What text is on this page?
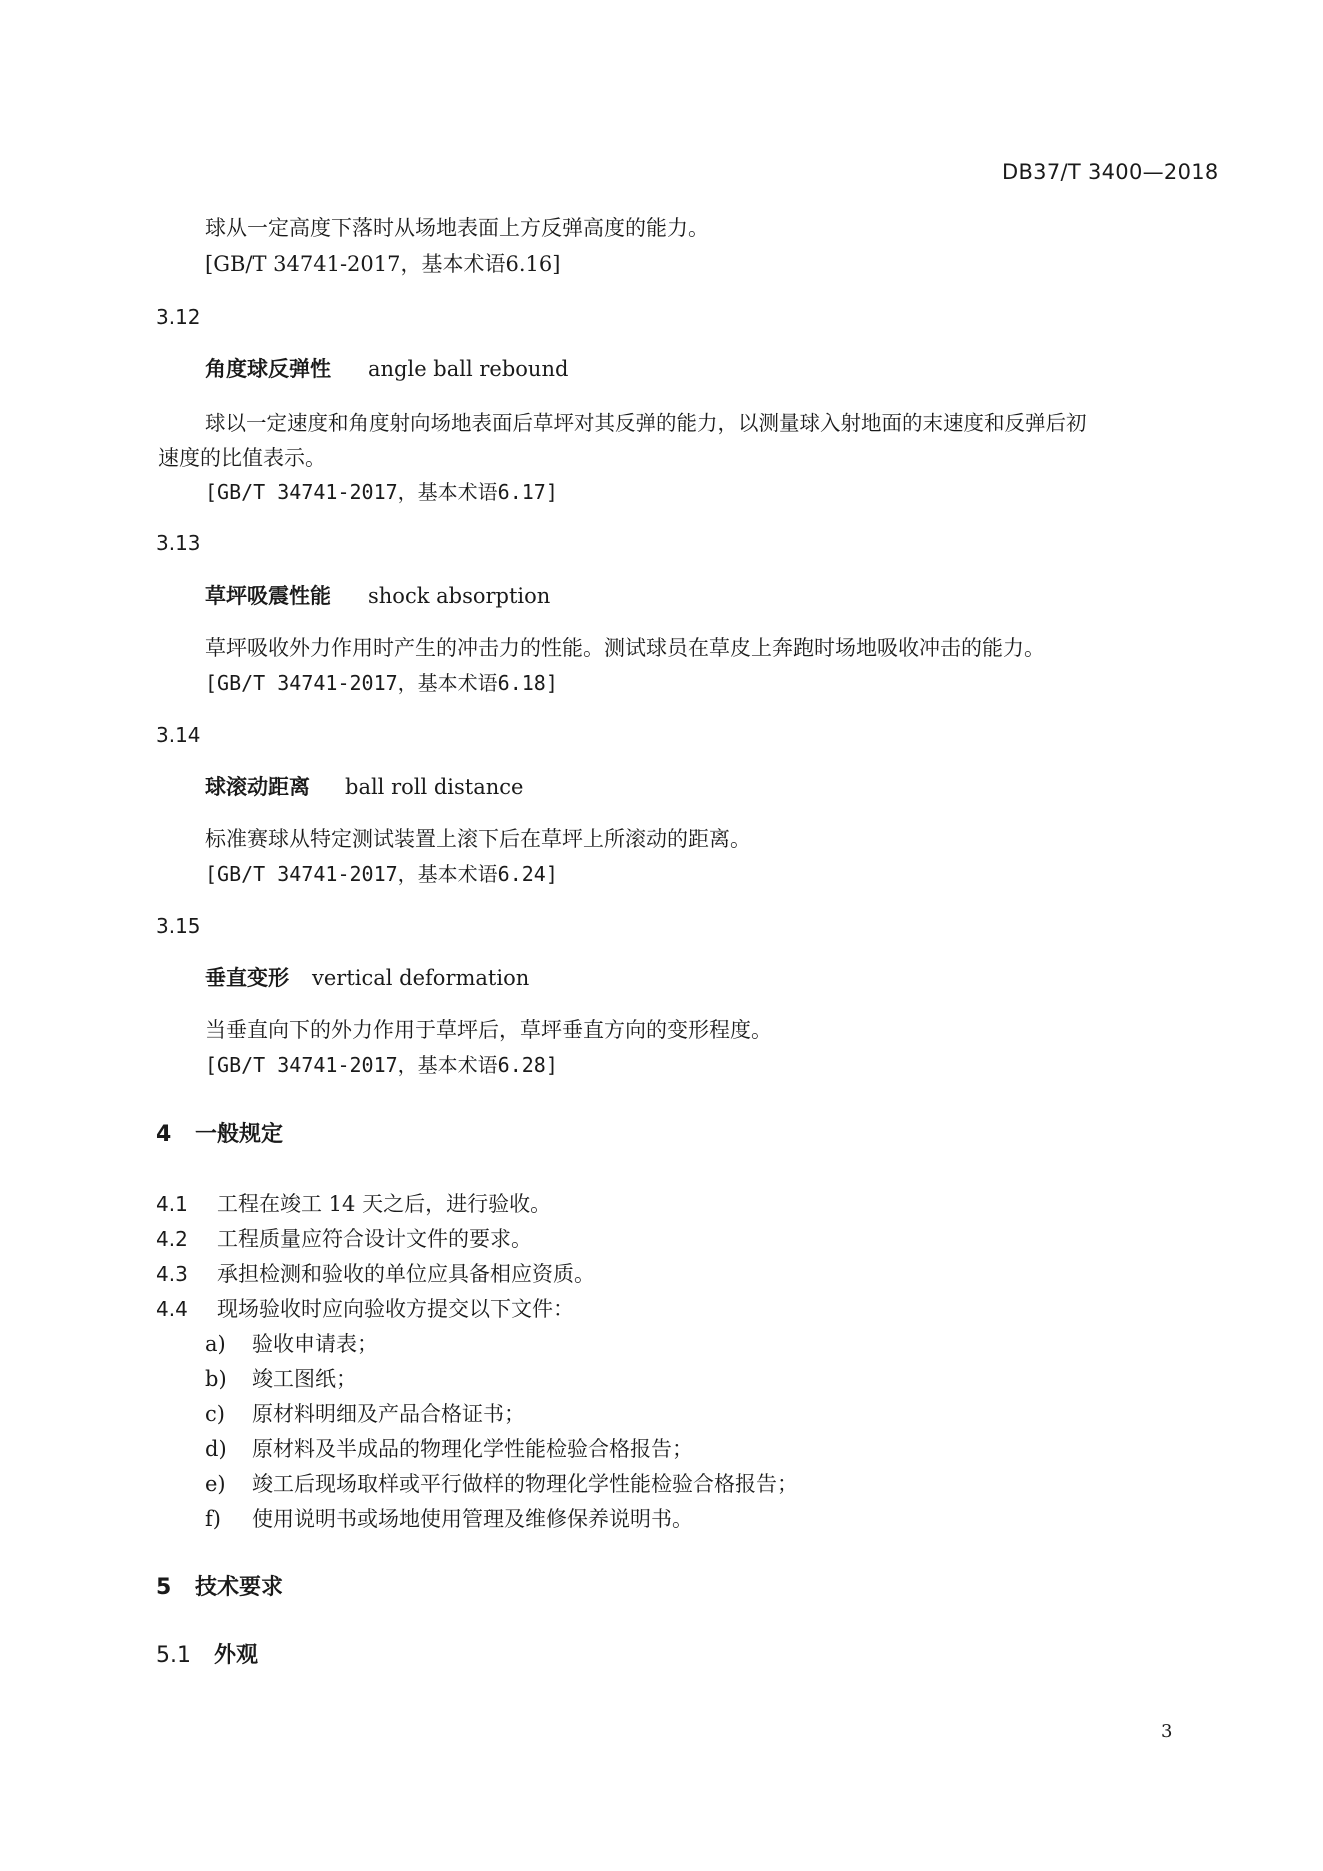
DB37/T 3400—2018
球从一定高度下落时从场地表面上方反弹高度的能力。
[GB/T 34741-2017，基本术语6.16]
3.12
角度球反弹性 angle ball rebound
球以一定速度和角度射向场地表面后草坪对其反弹的能力，以测量球入射地面的末速度和反弹后初
速度的比值表示。
[GB/T 34741-2017，基本术语6.17]
3.13
草坪吸震性能 shock absorption
草坪吸收外力作用时产生的冲击力的性能。测试球员在草皮上奔跑时场地吸收冲击的能力。
[GB/T 34741-2017，基本术语6.18]
3.14
球滚动距离 ball roll distance
标准赛球从特定测试装置上滚下后在草坪上所滚动的距离。
[GB/T 34741-2017，基本术语6.24]
3.15
垂直变形 vertical deformation
当垂直向下的外力作用于草坪后，草坪垂直方向的变形程度。
[GB/T 34741-2017，基本术语6.28]
4 一般规定
4.1 工程在竣工 14 天之后，进行验收。
4.2 工程质量应符合设计文件的要求。
4.3 承担检测和验收的单位应具备相应资质。
4.4 现场验收时应向验收方提交以下文件：
a) 验收申请表；
b) 竣工图纸；
c) 原材料明细及产品合格证书；
d) 原材料及半成品的物理化学性能检验合格报告；
e) 竣工后现场取样或平行做样的物理化学性能检验合格报告；
f) 使用说明书或场地使用管理及维修保养说明书。
5 技术要求
5.1 外观
3
